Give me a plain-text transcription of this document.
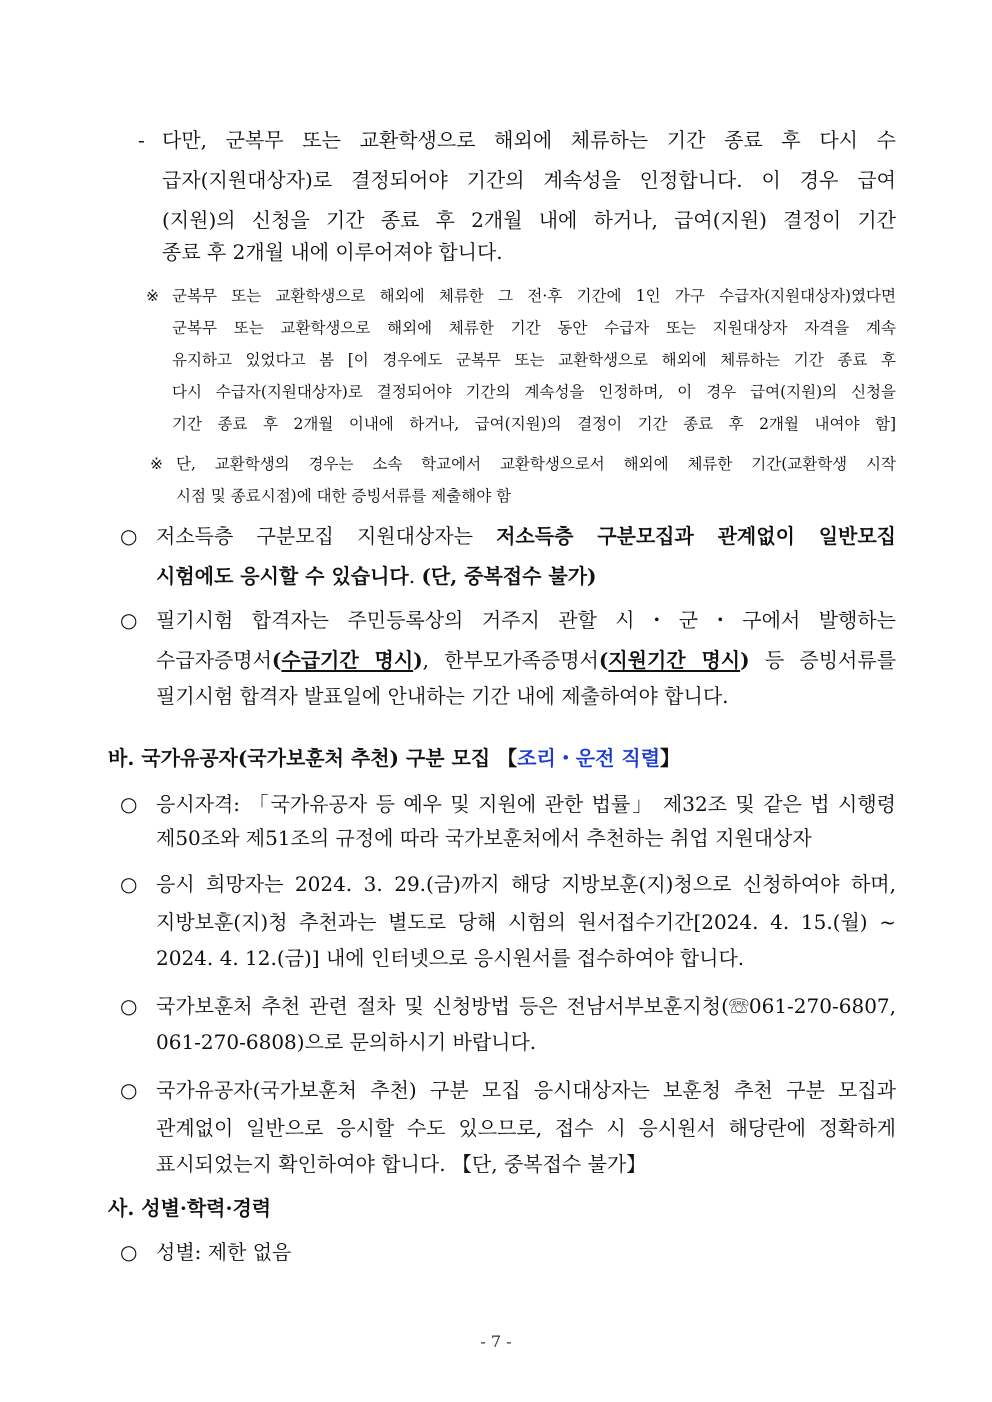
- 다만, 군복무 또는 교환학생으로 해외에 체류하는 기간 종료 후 다시 수
급자(지원대상자)로 결정되어야 기간의 계속성을 인정합니다. 이 경우 급여
(지원)의 신청을 기간 종료 후 2개월 내에 하거나, 급여(지원) 결정이 기간
종료 후 2개월 내에 이루어져야 합니다.
※ 군복무 또는 교환학생으로 해외에 체류한 그 전·후 기간에 1인 가구 수급자(지원대상자)였다면
군복무 또는 교환학생으로 해외에 체류한 기간 동안 수급자 또는 지원대상자 자격을 계속
유지하고 있었다고 봄 [이 경우에도 군복무 또는 교환학생으로 해외에 체류하는 기간 종료 후
다시 수급자(지원대상자)로 결정되어야 기간의 계속성을 인정하며, 이 경우 급여(지원)의 신청을
기간 종료 후 2개월 이내에 하거나, 급여(지원)의 결정이 기간 종료 후 2개월 내여야 함]
※ 단, 교환학생의 경우는 소속 학교에서 교환학생으로서 해외에 체류한 기간(교환학생 시작
시점 및 종료시점)에 대한 증빙서류를 제출해야 함
○ 저소득층 구분모집 지원대상자는 저소득층 구분모집과 관계없이 일반모집
시험에도 응시할 수 있습니다. (단, 중복접수 불가)
○ 필기시험 합격자는 주민등록상의 거주지 관할 시・군・구에서 발행하는
수급자증명서(수급기간 명시), 한부모가족증명서(지원기간 명시) 등 증빙서류를
필기시험 합격자 발표일에 안내하는 기간 내에 제출하여야 합니다.
바. 국가유공자(국가보훈처 추천) 구분 모집 【조리・운전 직렬】
○ 응시자격: 「국가유공자 등 예우 및 지원에 관한 법률」 제32조 및 같은 법 시행령
제50조와 제51조의 규정에 따라 국가보훈처에서 추천하는 취업 지원대상자
○ 응시 희망자는 2024. 3. 29.(금)까지 해당 지방보훈(지)청으로 신청하여야 하며,
지방보훈(지)청 추천과는 별도로 당해 시험의 원서접수기간[2024. 4. 15.(월) ~
2024. 4. 12.(금)] 내에 인터넷으로 응시원서를 접수하여야 합니다.
○ 국가보훈처 추천 관련 절차 및 신청방법 등은 전남서부보훈지청(☏061-270-6807,
061-270-6808)으로 문의하시기 바랍니다.
○ 국가유공자(국가보훈처 추천) 구분 모집 응시대상자는 보훈청 추천 구분 모집과
관계없이 일반으로 응시할 수도 있으므로, 접수 시 응시원서 해당란에 정확하게
표시되었는지 확인하여야 합니다. 【단, 중복접수 불가】
사. 성별·학력·경력
○ 성별: 제한 없음
- 7 -
